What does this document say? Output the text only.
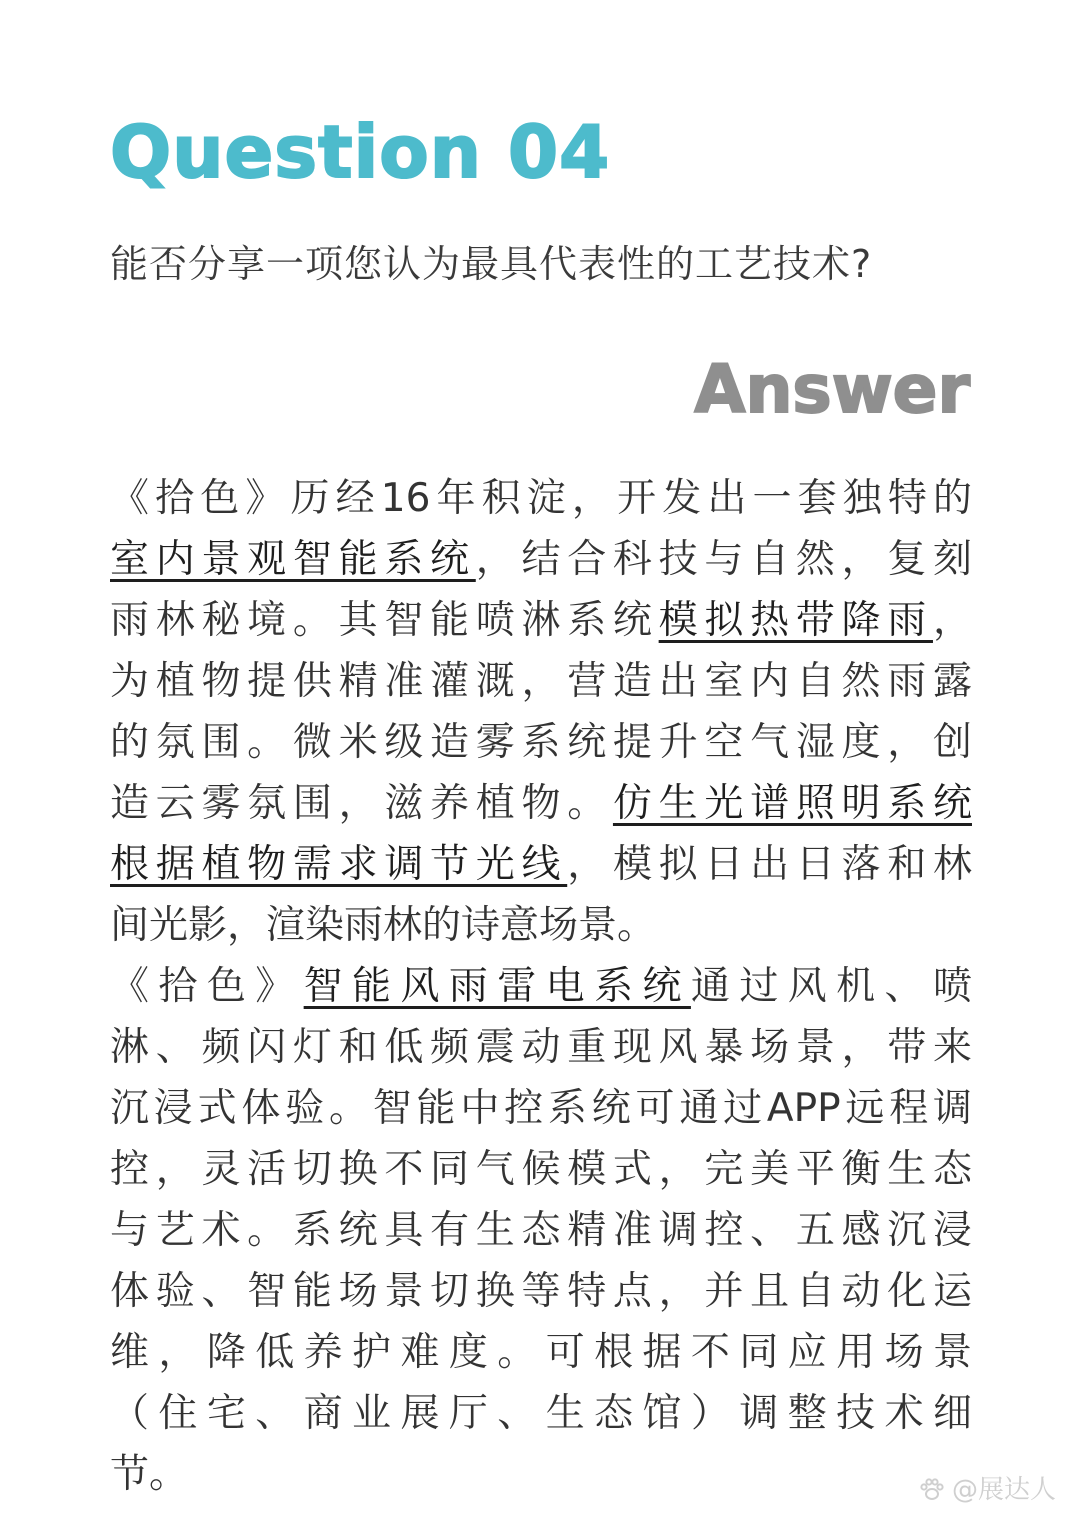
Question 04

能否分享一项您认为最具代表性的工艺技术?

Answer
《拾色》历经16年积淀，开发出一套独特的
室内景观智能系统，结合科技与自然，复刻
雨林秘境。其智能喷淋系统模拟热带降雨，
为植物提供精准灌溉，营造出室内自然雨露
的氛围。微米级造雾系统提升空气湿度，创
造云雾氛围，滋养植物。仿生光谱照明系统
根据植物需求调节光线，模拟日出日落和林
间光影，渲染雨林的诗意场景。
《拾色》智能风雨雷电系统通过风机、喷
淋、频闪灯和低频震动重现风暴场景，带来
沉浸式体验。智能中控系统可通过APP远程调
控，灵活切换不同气候模式，完美平衡生态
与艺术。系统具有生态精准调控、五感沉浸
体验、智能场景切换等特点，并且自动化运
维，降低养护难度。可根据不同应用场景
（住宅、商业展厅、生态馆）调整技术细
节。	@展达人
